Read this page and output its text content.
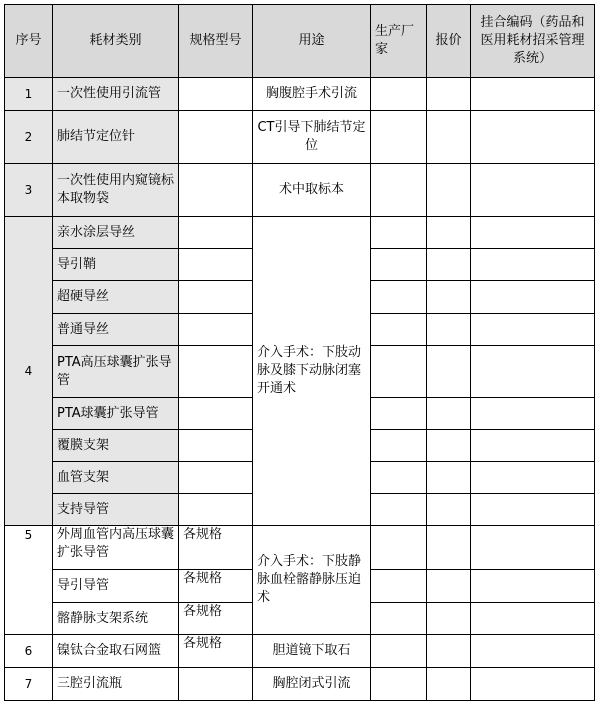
序号	耗材类别	规格型号	用途	生产厂家	报价	挂合编码（药品和医用耗材招采管理系统）
1	一次性使用引流管		胸腹腔手术引流			
2	肺结节定位针		CT引导下肺结节定位			
3	一次性使用内窥镜标本取物袋		术中取标本			
4	亲水涂层导丝		介入手术：下肢动脉及膝下动脉闭塞开通术			
	导引鞘					
	超硬导丝					
	普通导丝					
	PTA高压球囊扩张导管					
	PTA球囊扩张导管					
	覆膜支架					
	血管支架					
	支持导管					
5	外周血管内高压球囊扩张导管	各规格	介入手术：下肢静脉血栓髂静脉压迫术			
	导引导管	各规格				
	髂静脉支架系统	各规格				
6	镍钛合金取石网篮	各规格	胆道镜下取石			
7	三腔引流瓶		胸腔闭式引流			
